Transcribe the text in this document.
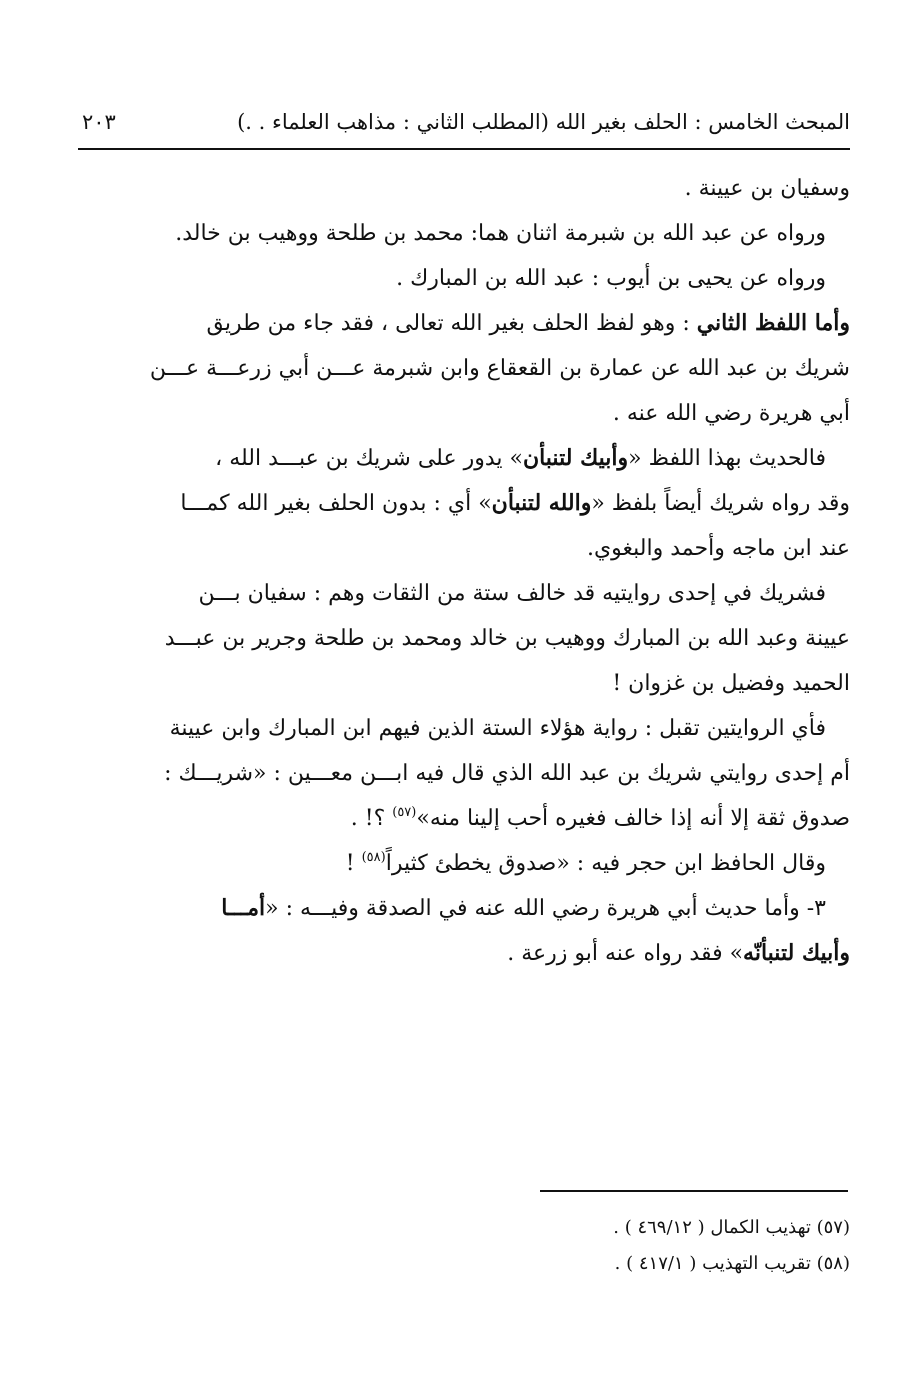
المبحث الخامس : الحلف بغير الله (المطلب الثاني : مذاهب العلماء . .)
٢٠٣
وسفيان بن عيينة .
ورواه عن عبد الله بن شبرمة اثنان هما: محمد بن طلحة ووهيب بن خالد.
ورواه عن يحيى بن أيوب : عبد الله بن المبارك .
وأما اللفظ الثاني : وهو لفظ الحلف بغير الله تعالى ، فقد جاء من طريق
شريك بن عبد الله عن عمارة بن القعقاع وابن شبرمة عـــن أبي زرعـــة عـــن
أبي هريرة رضي الله عنه .
فالحديث بهذا اللفظ «وأبيك لتنبأن» يدور على شريك بن عبـــد الله ،
وقد رواه شريك أيضاً بلفظ «والله لتنبأن» أي : بدون الحلف بغير الله كمـــا
عند ابن ماجه وأحمد والبغوي.
فشريك في إحدى روايتيه قد خالف ستة من الثقات وهم : سفيان بـــن
عيينة وعبد الله بن المبارك ووهيب بن خالد ومحمد بن طلحة وجرير بن عبـــد
الحميد وفضيل بن غزوان !
فأي الروايتين تقبل : رواية هؤلاء الستة الذين فيهم ابن المبارك وابن عيينة
أم إحدى روايتي شريك بن عبد الله الذي قال فيه ابـــن معـــين : «شريـــك :
صدوق ثقة إلا أنه إذا خالف فغيره أحب إلينا منه»$^{(٥٧)}$ ؟! .
وقال الحافظ ابن حجر فيه : «صدوق يخطئ كثيراً$^{(٥٨)}$ !
٣- وأما حديث أبي هريرة رضي الله عنه في الصدقة وفيـــه : «أمـــا
وأبيك لتنبأنّه» فقد رواه عنه أبو زرعة .
(٥٧) تهذيب الكمال ( ٤٦٩/١٢ ) .
(٥٨) تقريب التهذيب ( ٤١٧/١ ) .
